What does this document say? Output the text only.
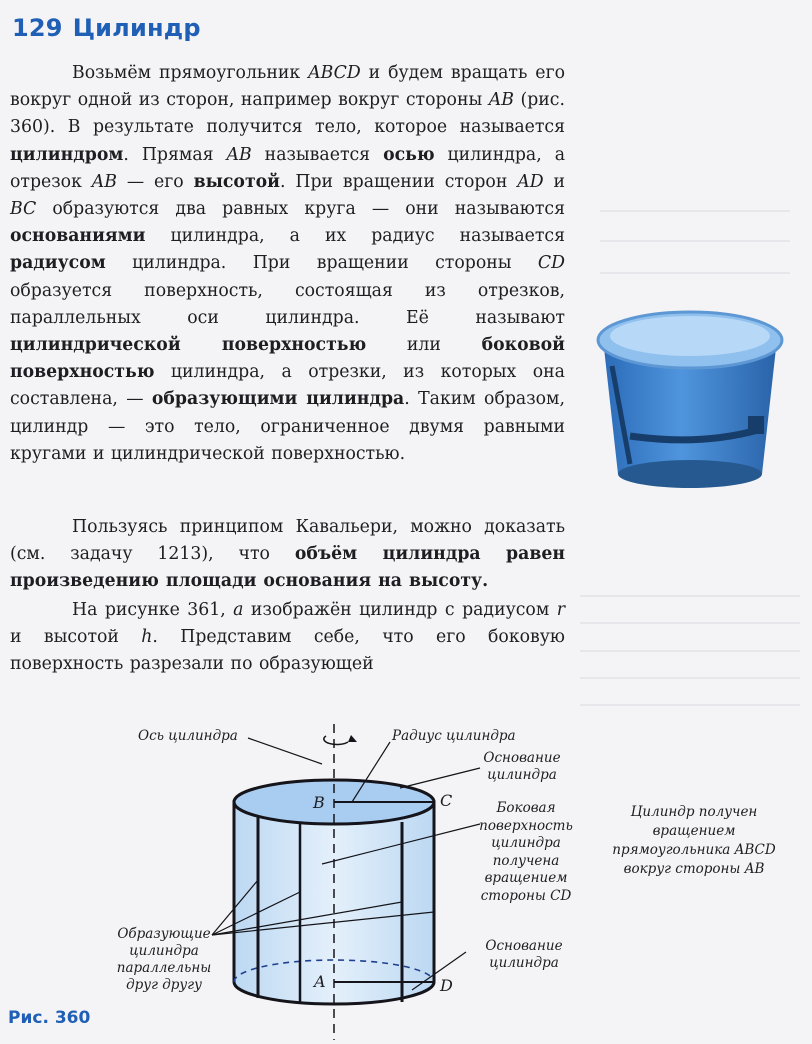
129 Цилиндр

Возьмём прямоугольник ABCD и будем вращать его вокруг одной из сторон, например вокруг стороны AB (рис. 360). В результате получится тело, которое называется цилиндром. Прямая AB называется осью цилиндра, а отрезок AB — его высотой. При вращении сторон AD и BC образуются два равных круга — они называются основаниями цилиндра, а их радиус называется радиусом цилиндра. При вращении стороны CD образуется поверхность, состоящая из отрезков, параллельных оси цилиндра. Её называют цилиндрической поверхностью или боковой поверхностью цилиндра, а отрезки, из которых она составлена, — образующими цилиндра. Таким образом, цилиндр — это тело, ограниченное двумя равными кругами и цилиндрической поверхностью.

Пользуясь принципом Кавальери, можно доказать (см. задачу 1213), что объём цилиндра равен произведению площади основания на высоту.

На рисунке 361, а изображён цилиндр с радиусом r и высотой h. Представим себе, что его боковую поверхность разрезали по образующей

Ось цилиндра	Радиус цилиндра
Основание
цилиндра
Боковая
поверхность
цилиндра
получена
вращением
стороны CD
Образующие
цилиндра
параллельны
друг другу
Основание
цилиндра
Цилиндр получен
вращением
прямоугольника ABCD
вокруг стороны AB
B	C
A	D
Рис. 360
